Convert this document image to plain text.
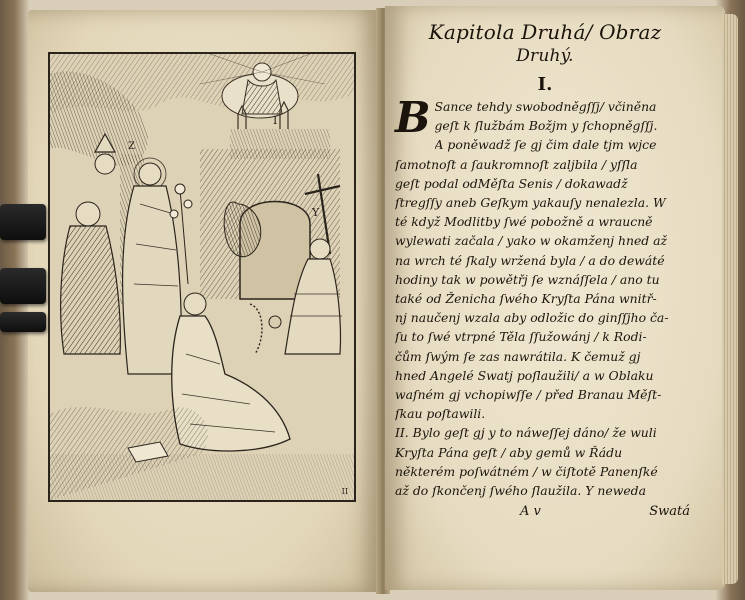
I
Y
Z
II
Kapitola Druhá/ Obraz
Druhý.
I.
B Sance tehdy swobodněgſſj/ včiněna
geſt k ſlužbám Božjm y ſchopněgſſj.
A poněwadž ſe gj čim dale tjm wjce
ſamotnoſt a ſaukromnoſt zaljbila / yſſla
geſt podal odMěſta Senis / dokawadž
ſtregſſy aneb Geſkym yakauſy nenalezla. W
té když Modlitby ſwé pobožně a wraucně
wylewati začala / yako w okamženj hned až
na wrch té ſkaly wržená byla / a do dewáté
hodiny tak w powětřj ſe wznáſſela / ano tu
také od Ženicha ſwého Kryſta Pána wnitř-
nj naučenj wzala aby odložic do ginſſjho ča-
ſu to ſwé vtrpné Těla ſſužowánj / k Rodi-
čům ſwým ſe zas nawrátila. K čemuž gj
hned Angelé Swatj poſlaužili/ a w Oblaku
waſném gj vchopiwſſe / před Branau Měſt-
ſkau poſtawili.
II. Bylo geſt gj y to náweſſej dáno/ že wuli
Kryſta Pána geſt / aby gemů w Řádu
některém poſwátném / w čiſtotě Panenſké
až do ſkončenj ſwého ſlaužila. Y neweda
A v	Swatá
